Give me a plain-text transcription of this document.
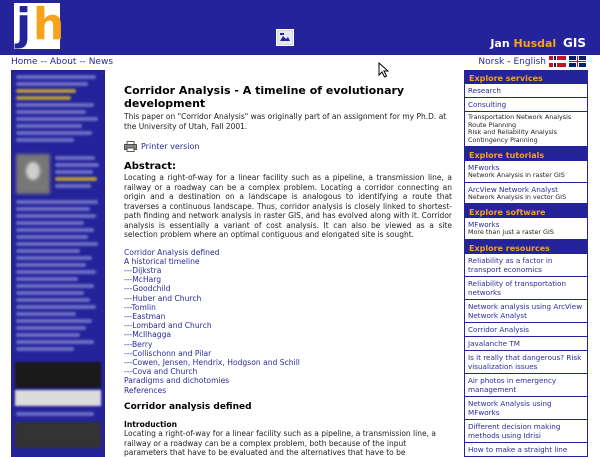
j h	Jan Husdal GIS
Home -- About -- News	Norsk - English
Corridor Analysis - A timeline of evolutionary development
This paper on "Corridor Analysis" was originally part of an assignment for my Ph.D. at the University of Utah, Fall 2001.
Printer version
Abstract:
Locating a right-of-way for a linear facility such as a pipeline, a transmission line, a railway or a roadway can be a complex problem. Locating a corridor connecting an origin and a destination on a landscape is analogous to identifying a route that traverses a continuous landscape. Thus, corridor analysis is closely linked to shortest-path finding and network analysis in raster GIS, and has evolved along with it. Corridor analysis is essentially a variant of cost analysis. It can also be viewed as a site selection problem where an optimal contiguous and elongated site is sought.
Corridor Analysis defined
A historical timeline
---Dijkstra
---McHarg
---Goodchild
---Huber and Church
---Tomlin
---Eastman
---Lombard and Church
---McIlhagga
---Berry
---Collischonn and Pilar
---Cowen, Jensen, Hendrix, Hodgson and Schill
---Cova and Church
Paradigms and dichotomies
References
Corridor analysis defined
Introduction
Locating a right-of-way for a linear facility such as a pipeline, a transmission line, a railway or a roadway can be a complex problem, both because of the input parameters that have to be evaluated and the alternatives that have to be
Explore services
Research
Consulting
Transportation Network Analysis
Route Planning
Risk and Reliability Analysis
Contingency Planning
Explore tutorials
MFworks
Network Analysis in raster GIS
ArcView Network Analyst
Network Analysis in vector GIS
Explore software
MFworks
More than just a raster GIS
Explore resources
Reliability as a factor in transport economics
Reliability of transportation networks
Network analysis using ArcView Network Analyst
Corridor Analysis
Javalanche TM
Is it really that dangerous? Risk visualization issues
Air photos in emergency management
Network Analysis using MFworks
Different decision making methods using Idrisi
How to make a straight line
